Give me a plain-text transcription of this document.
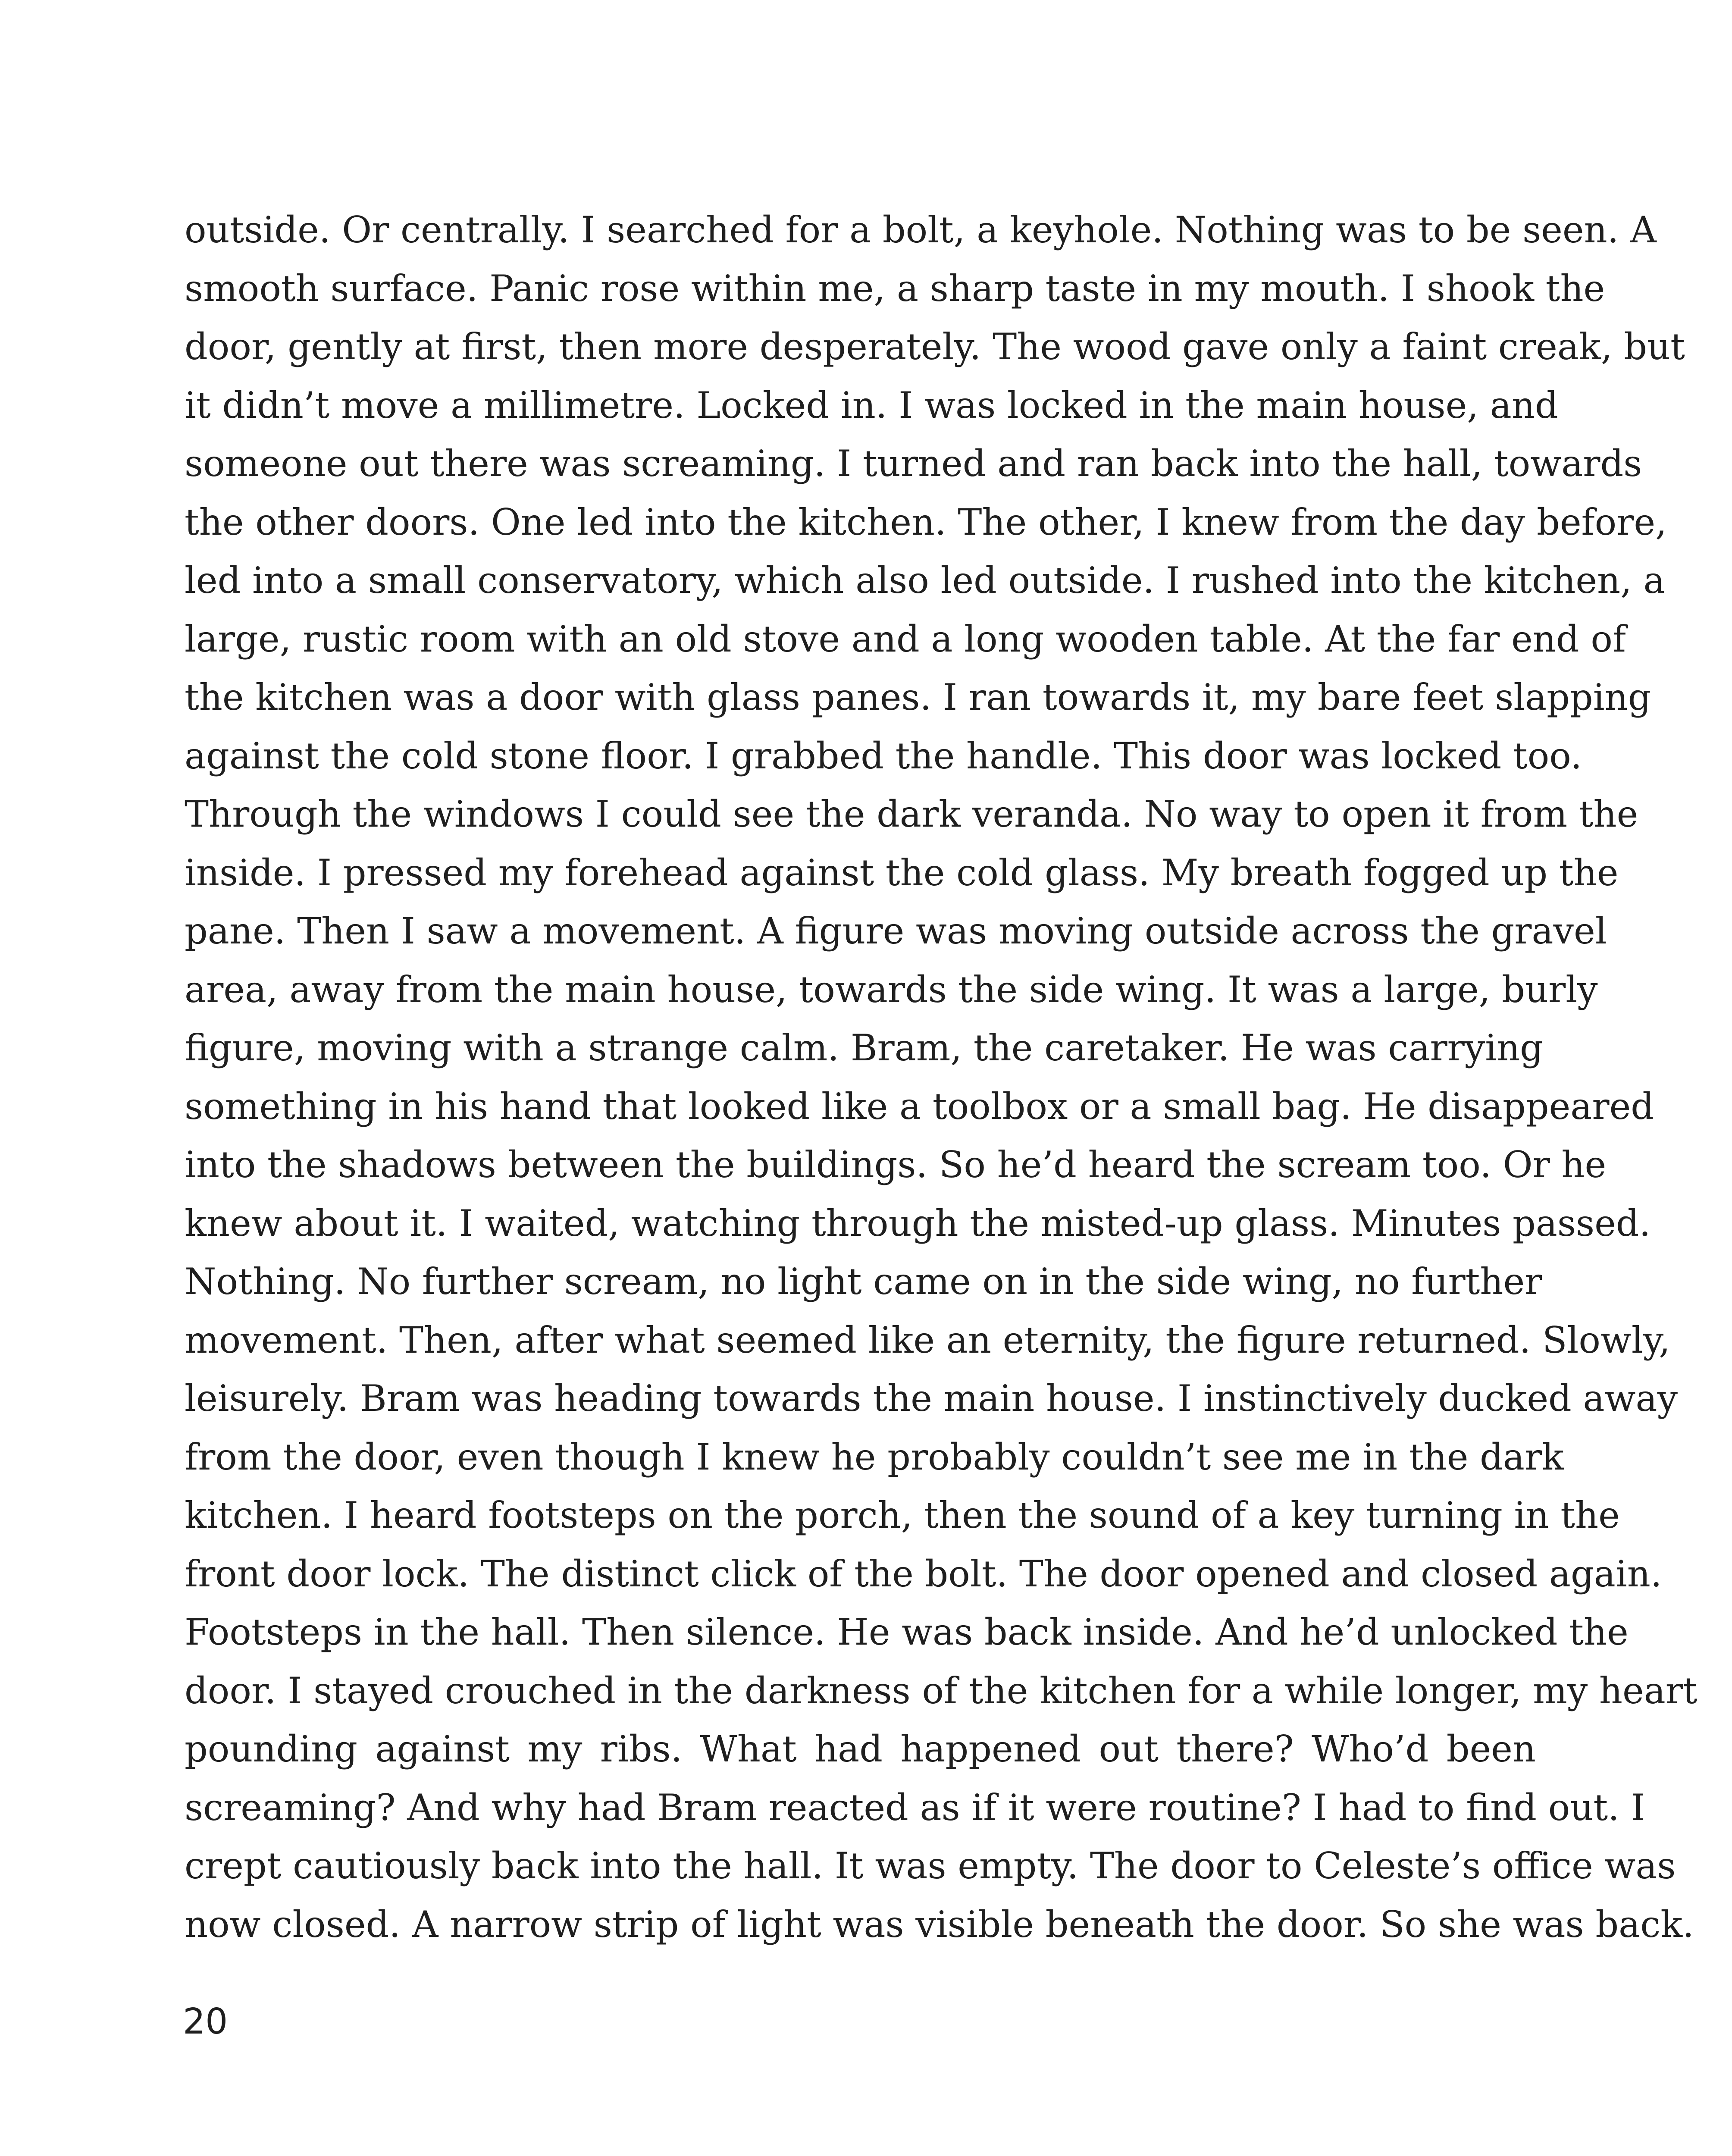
outside. Or centrally. I searched for a bolt, a keyhole. Nothing was to be seen. A
smooth surface. Panic rose within me, a sharp taste in my mouth. I shook the
door, gently at first, then more desperately. The wood gave only a faint creak, but
it didn’t move a millimetre. Locked in. I was locked in the main house, and
someone out there was screaming. I turned and ran back into the hall, towards
the other doors. One led into the kitchen. The other, I knew from the day before,
led into a small conservatory, which also led outside. I rushed into the kitchen, a
large, rustic room with an old stove and a long wooden table. At the far end of
the kitchen was a door with glass panes. I ran towards it, my bare feet slapping
against the cold stone floor. I grabbed the handle. This door was locked too.
Through the windows I could see the dark veranda. No way to open it from the
inside. I pressed my forehead against the cold glass. My breath fogged up the
pane. Then I saw a movement. A figure was moving outside across the gravel
area, away from the main house, towards the side wing. It was a large, burly
figure, moving with a strange calm. Bram, the caretaker. He was carrying
something in his hand that looked like a toolbox or a small bag. He disappeared
into the shadows between the buildings. So he’d heard the scream too. Or he
knew about it. I waited, watching through the misted-up glass. Minutes passed.
Nothing. No further scream, no light came on in the side wing, no further
movement. Then, after what seemed like an eternity, the figure returned. Slowly,
leisurely. Bram was heading towards the main house. I instinctively ducked away
from the door, even though I knew he probably couldn’t see me in the dark
kitchen. I heard footsteps on the porch, then the sound of a key turning in the
front door lock. The distinct click of the bolt. The door opened and closed again.
Footsteps in the hall. Then silence. He was back inside. And he’d unlocked the
door. I stayed crouched in the darkness of the kitchen for a while longer, my heart
pounding against my ribs. What had happened out there? Who’d been
screaming? And why had Bram reacted as if it were routine? I had to find out. I
crept cautiously back into the hall. It was empty. The door to Celeste’s office was
now closed. A narrow strip of light was visible beneath the door. So she was back.
20
